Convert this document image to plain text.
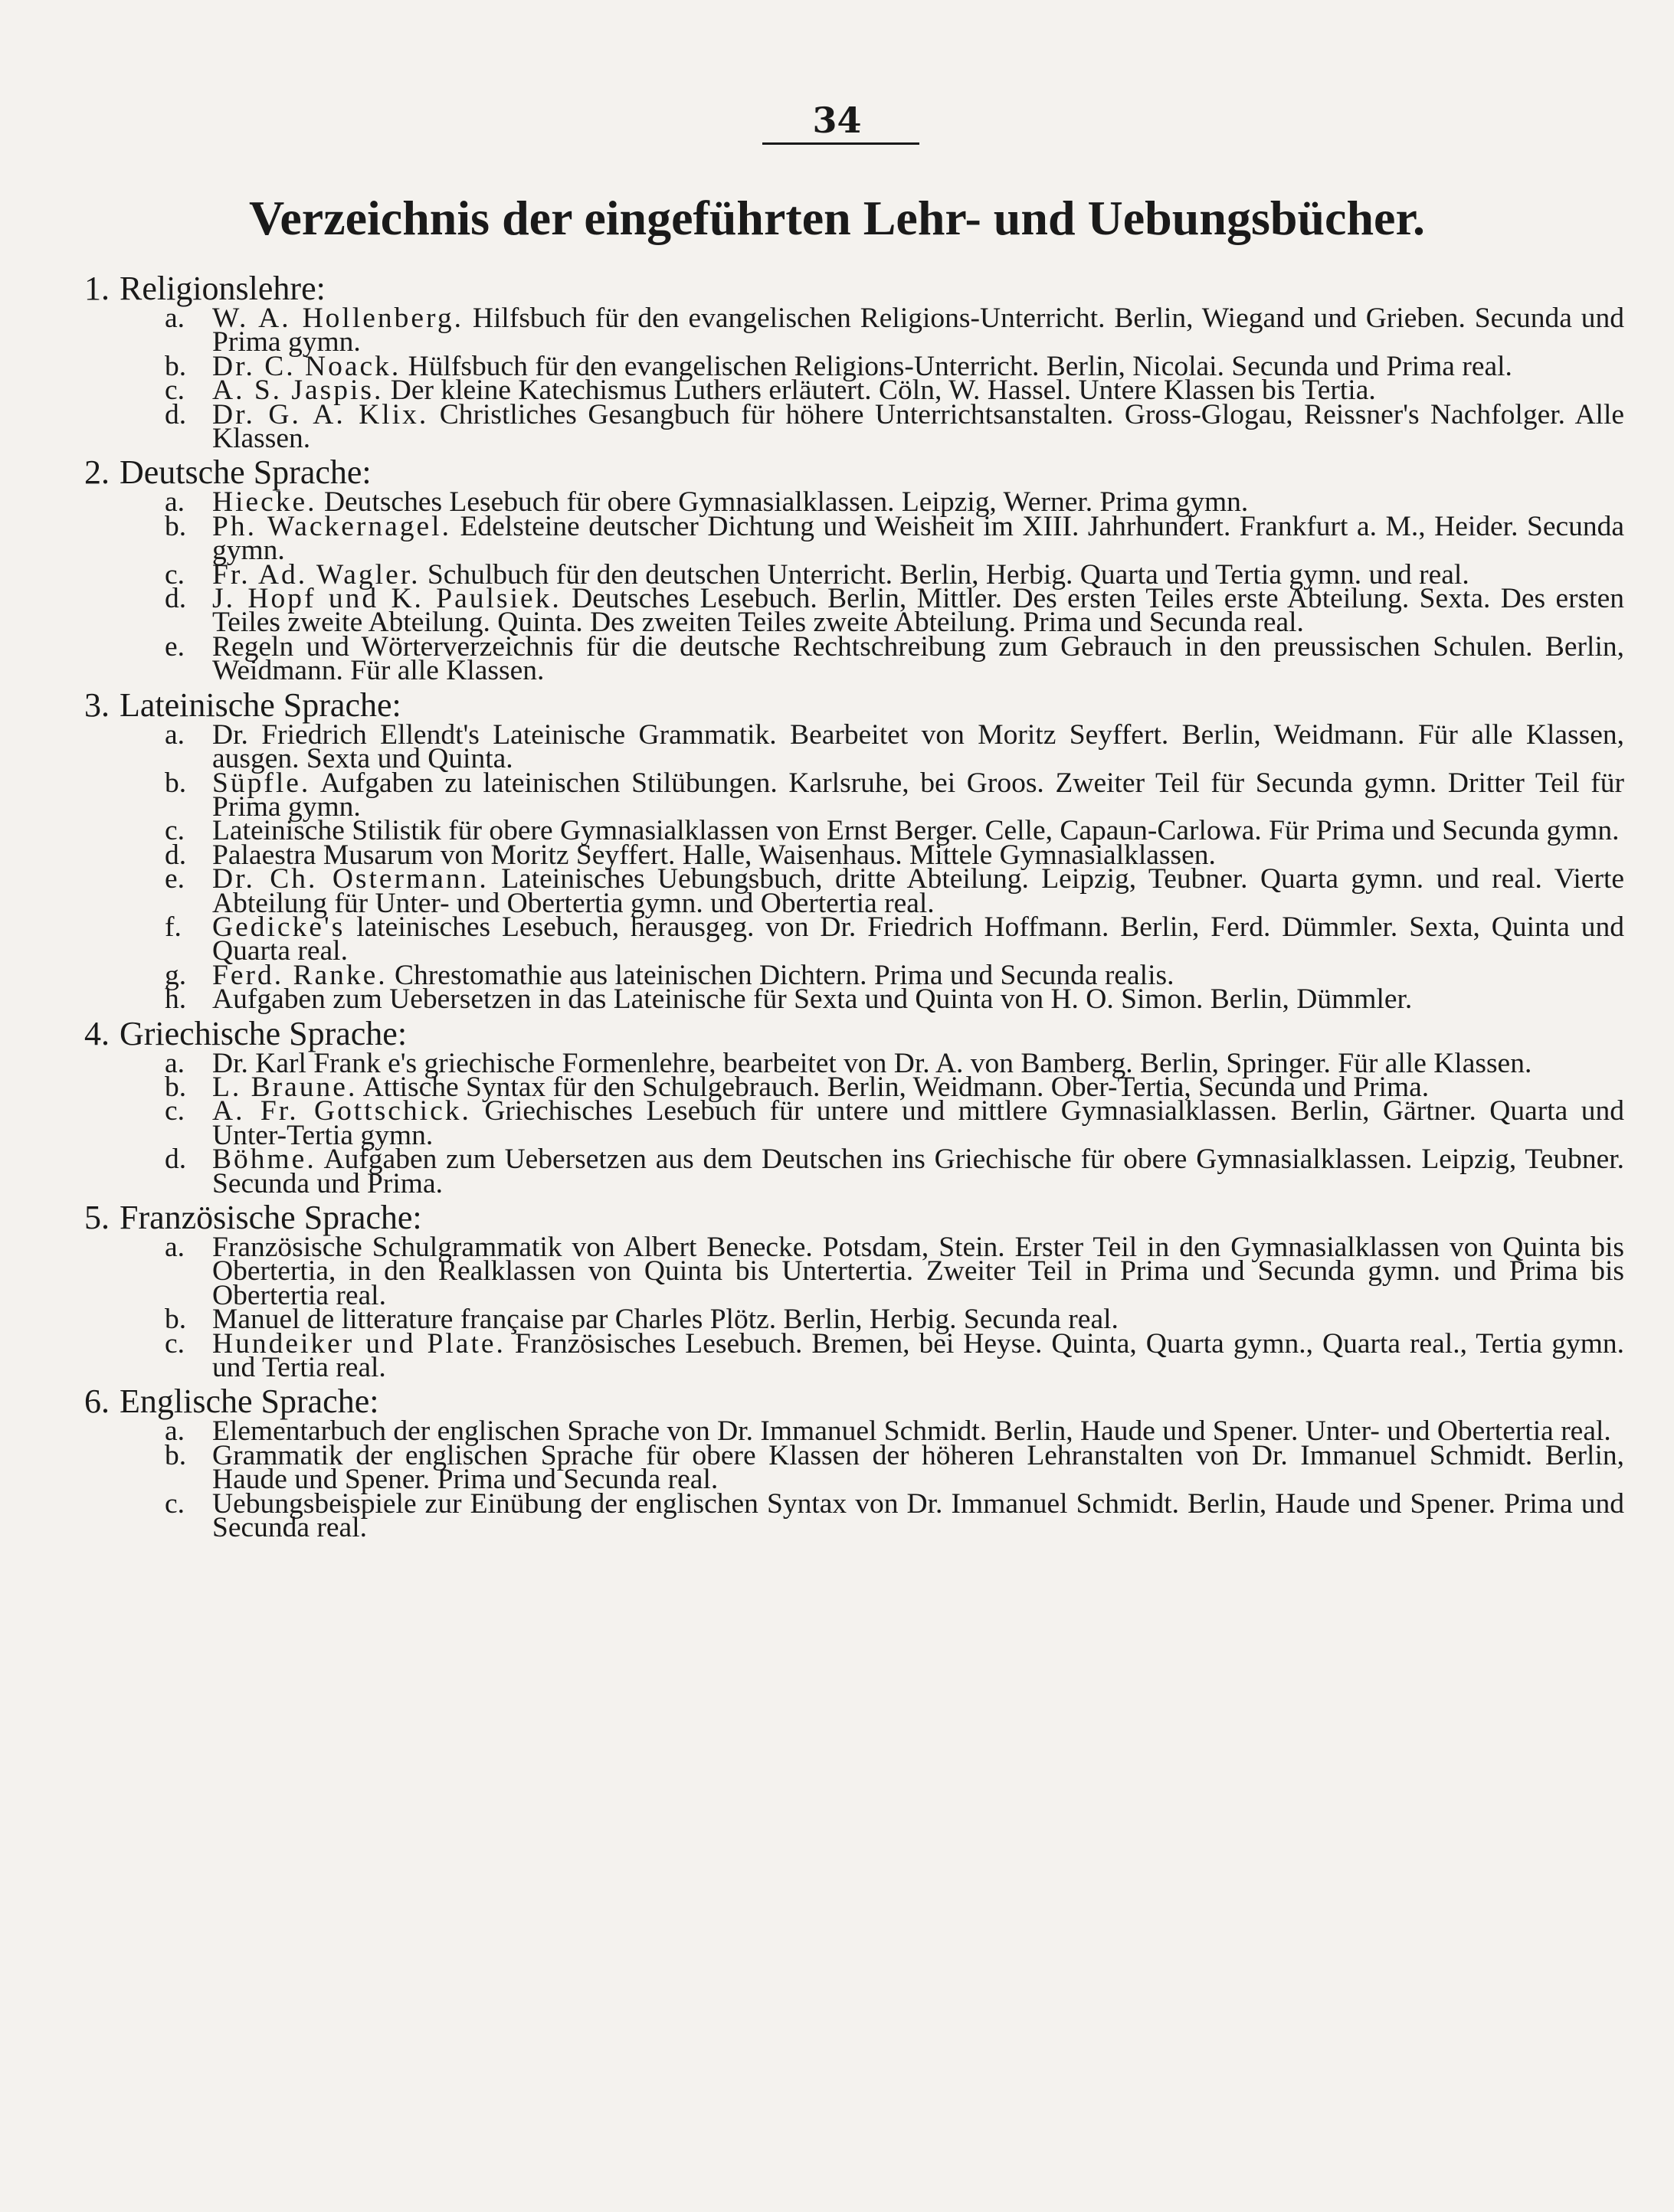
34
Verzeichnis der eingeführten Lehr- und Uebungsbücher.
1. Religionslehre:
a. W. A. Hollenberg. Hilfsbuch für den evangelischen Religions-Unterricht. Berlin, Wiegand und Grieben. Secunda und Prima gymn.
b. Dr. C. Noack. Hülfsbuch für den evangelischen Religions-Unterricht. Berlin, Nicolai. Secunda und Prima real.
c. A. S. Jaspis. Der kleine Katechismus Luthers erläutert. Cöln, W. Hassel. Untere Klassen bis Tertia.
d. Dr. G. A. Klix. Christliches Gesangbuch für höhere Unterrichtsanstalten. Gross-Glogau, Reissner's Nachfolger. Alle Klassen.
2. Deutsche Sprache:
a. Hiecke. Deutsches Lesebuch für obere Gymnasialklassen. Leipzig, Werner. Prima gymn.
b. Ph. Wackernagel. Edelsteine deutscher Dichtung und Weisheit im XIII. Jahrhundert. Frankfurt a. M., Heider. Secunda gymn.
c. Fr. Ad. Wagler. Schulbuch für den deutschen Unterricht. Berlin, Herbig. Quarta und Tertia gymn. und real.
d. J. Hopf und K. Paulsiek. Deutsches Lesebuch. Berlin, Mittler. Des ersten Teiles erste Abteilung. Sexta. Des ersten Teiles zweite Abteilung. Quinta. Des zweiten Teiles zweite Abteilung. Prima und Secunda real.
e. Regeln und Wörterverzeichnis für die deutsche Rechtschreibung zum Gebrauch in den preussischen Schulen. Berlin, Weidmann. Für alle Klassen.
3. Lateinische Sprache:
a. Dr. Friedrich Ellendt's Lateinische Grammatik. Bearbeitet von Moritz Seyffert. Berlin, Weidmann. Für alle Klassen, ausgen. Sexta und Quinta.
b. Süpfle. Aufgaben zu lateinischen Stilübungen. Karlsruhe, bei Groos. Zweiter Teil für Secunda gymn. Dritter Teil für Prima gymn.
c. Lateinische Stilistik für obere Gymnasialklassen von Ernst Berger. Celle, Capaun-Carlowa. Für Prima und Secunda gymn.
d. Palaestra Musarum von Moritz Seyffert. Halle, Waisenhaus. Mittele Gymnasialklassen.
e. Dr. Ch. Ostermann. Lateinisches Uebungsbuch, dritte Abteilung. Leipzig, Teubner. Quarta gymn. und real. Vierte Abteilung für Unter- und Obertertia gymn. und Obertertia real.
f. Gedicke's lateinisches Lesebuch, herausgeg. von Dr. Friedrich Hoffmann. Berlin, Ferd. Dümmler. Sexta, Quinta und Quarta real.
g. Ferd. Ranke. Chrestomathie aus lateinischen Dichtern. Prima und Secunda realis.
h. Aufgaben zum Uebersetzen in das Lateinische für Sexta und Quinta von H. O. Simon. Berlin, Dümmler.
4. Griechische Sprache:
a. Dr. Karl Frank e's griechische Formenlehre, bearbeitet von Dr. A. von Bamberg. Berlin, Springer. Für alle Klassen.
b. L. Braune. Attische Syntax für den Schulgebrauch. Berlin, Weidmann. Ober-Tertia, Secunda und Prima.
c. A. Fr. Gottschick. Griechisches Lesebuch für untere und mittlere Gymnasialklassen. Berlin, Gärtner. Quarta und Unter-Tertia gymn.
d. Böhme. Aufgaben zum Uebersetzen aus dem Deutschen ins Griechische für obere Gymnasialklassen. Leipzig, Teubner. Secunda und Prima.
5. Französische Sprache:
a. Französische Schulgrammatik von Albert Benecke. Potsdam, Stein. Erster Teil in den Gymnasialklassen von Quinta bis Obertertia, in den Realklassen von Quinta bis Untertertia. Zweiter Teil in Prima und Secunda gymn. und Prima bis Obertertia real.
b. Manuel de litterature française par Charles Plötz. Berlin, Herbig. Secunda real.
c. Hundeiker und Plate. Französisches Lesebuch. Bremen, bei Heyse. Quinta, Quarta gymn., Quarta real., Tertia gymn. und Tertia real.
6. Englische Sprache:
a. Elementarbuch der englischen Sprache von Dr. Immanuel Schmidt. Berlin, Haude und Spener. Unter- und Obertertia real.
b. Grammatik der englischen Sprache für obere Klassen der höheren Lehranstalten von Dr. Immanuel Schmidt. Berlin, Haude und Spener. Prima und Secunda real.
c. Uebungsbeispiele zur Einübung der englischen Syntax von Dr. Immanuel Schmidt. Berlin, Haude und Spener. Prima und Secunda real.
